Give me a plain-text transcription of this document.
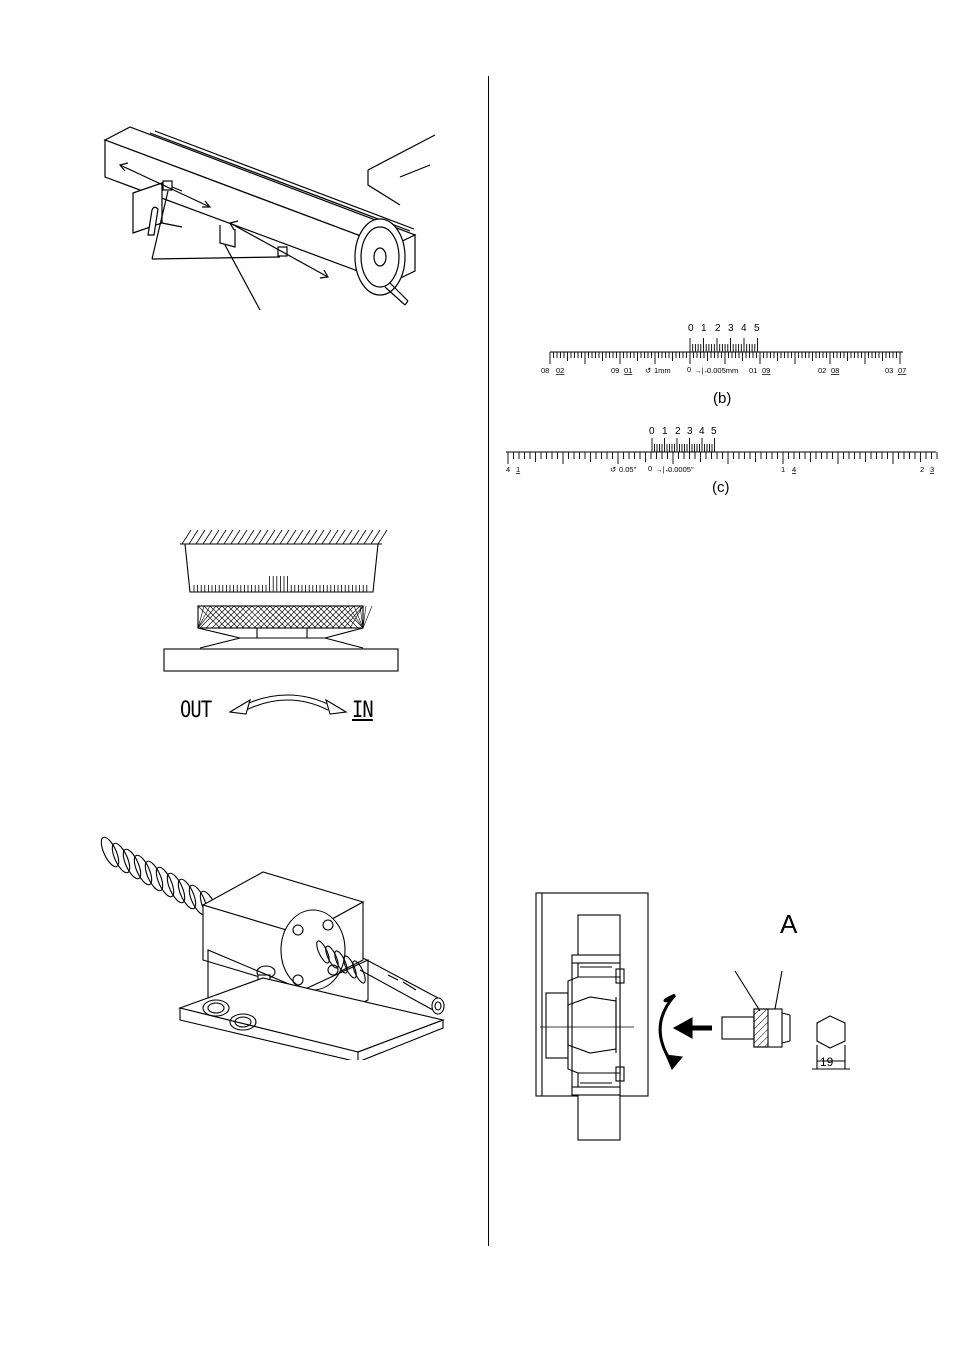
OUT	IN
0 1 2 3 4 5
08 02	09 01 ↺ 1mm 0 →|←
0.005mm 01 09	02 08	03 07
(b)
0 1 2 3 4 5
4 1	↺ 0.05" 0 →|←
0.0005"	1 4	2 3
(c)
A
19
